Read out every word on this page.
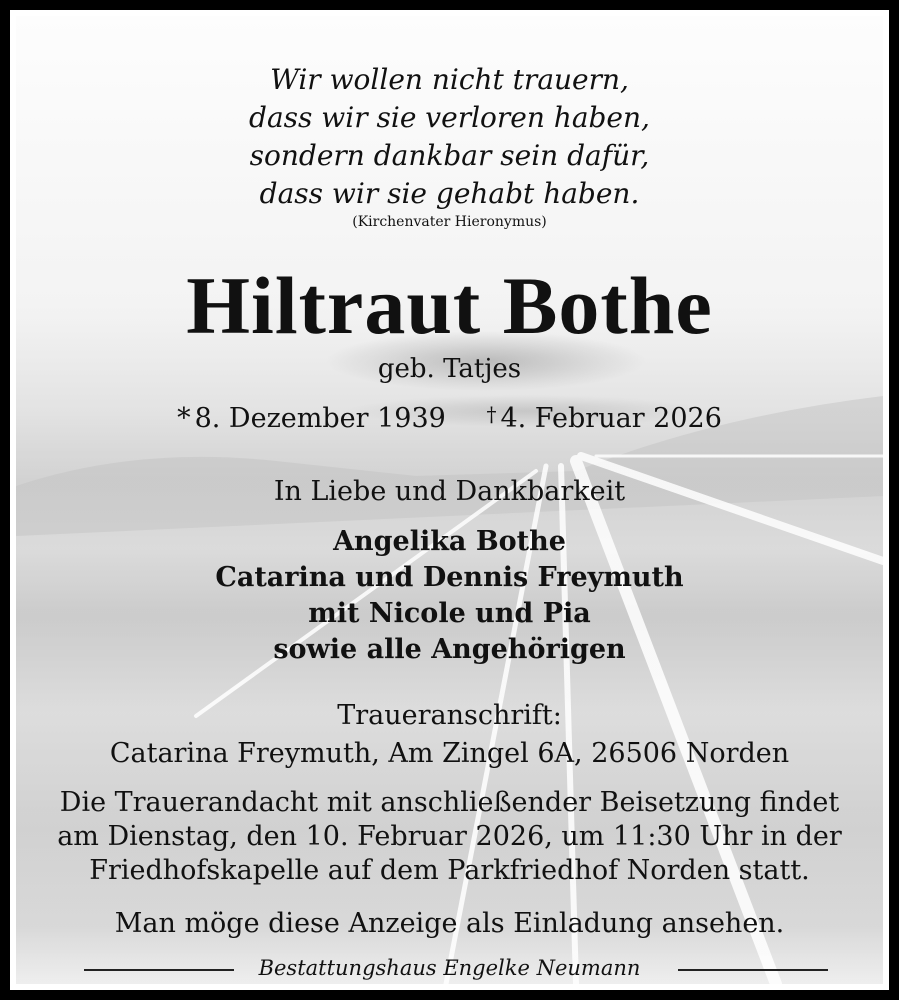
Wir wollen nicht trauern,
dass wir sie verloren haben,
sondern dankbar sein dafür,
dass wir sie gehabt haben.
(Kirchenvater Hieronymus)
Hiltraut Bothe
geb. Tatjes
* 8. Dezember 1939 † 4. Februar 2026
In Liebe und Dankbarkeit
Angelika Bothe
Catarina und Dennis Freymuth
mit Nicole und Pia
sowie alle Angehörigen
Traueranschrift:
Catarina Freymuth, Am Zingel 6A, 26506 Norden
Die Trauerandacht mit anschließender Beisetzung findet
am Dienstag, den 10. Februar 2026, um 11:30 Uhr in der
Friedhofskapelle auf dem Parkfriedhof Norden statt.
Man möge diese Anzeige als Einladung ansehen.
Bestattungshaus Engelke Neumann
